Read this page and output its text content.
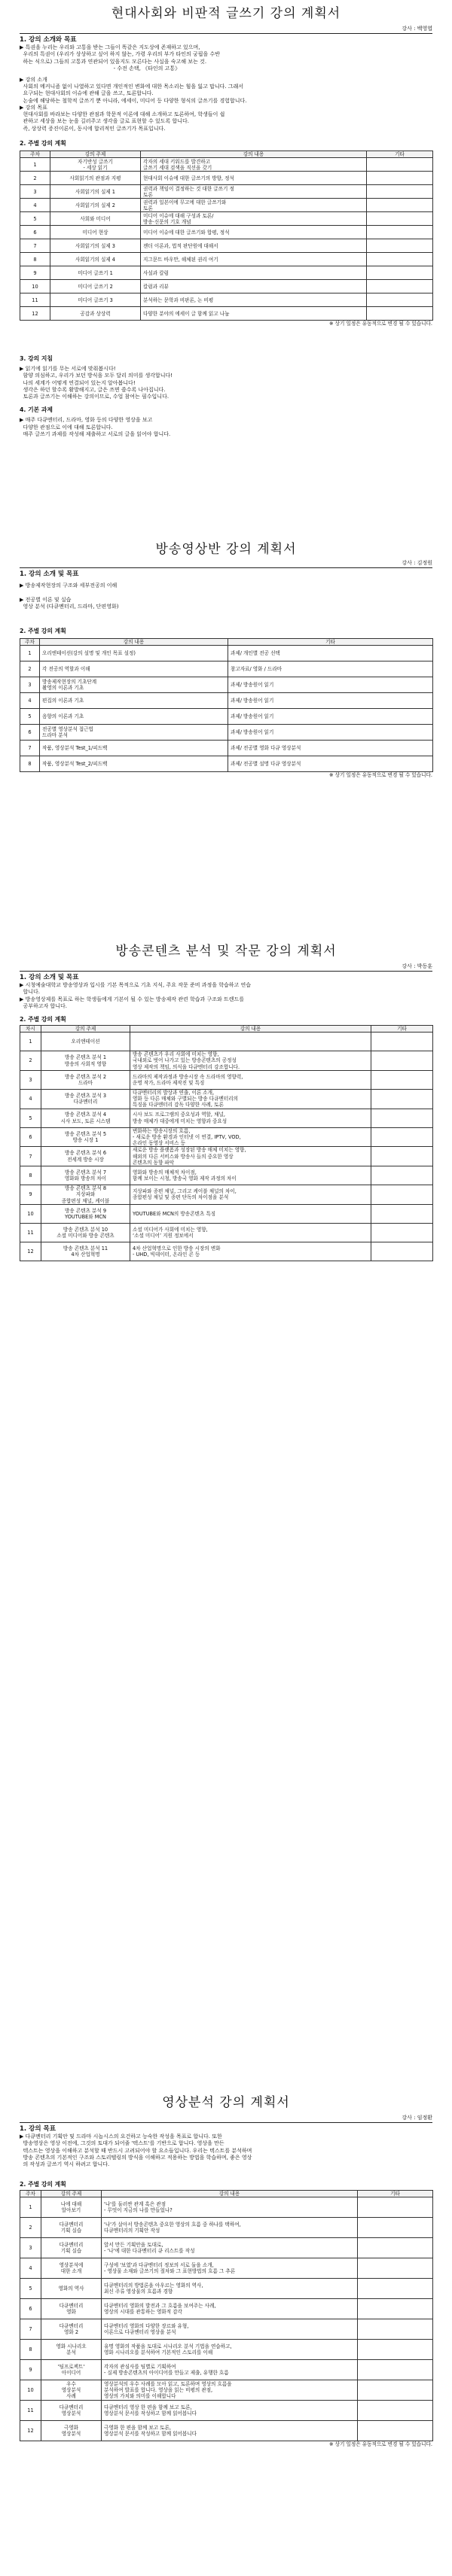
현대사회와 비판적 글쓰기 강의 계획서
강사 : 백영엽
1. 강의 소개와 목표
▶ 특권을 누리는 우리와 고통을 받는 그들이 똑같은 지도상에 존재하고 있으며,
우리의 특권이 (우리가 상상하고 싶어 하지 않는, 가령 우리의 부가 타인의 궁핍을 수반
하는 식으로) 그들의 고통과 연관되어 있을지도 모른다는 사실을 숙고해 보는 것.
- 수전 손택, 《타인의 고통》
▶ 강의 소개
사회의 메커니즘 없이 나열하고 있다면 개인적인 변화에 대한 목소리는 힘을 잃고 맙니다. 그래서
요구되는 현대사회의 이슈에 관해 글을 쓰고, 토론합니다.
논술에 해당하는 철학적 글쓰기 뿐 아니라, 에세이, 미디어 등 다양한 형식의 글쓰기를 경험합니다.
▶ 강의 목표
현대사회를 바라보는 다양한 관점과 학문적 이론에 대해 소개하고 토론하여, 학생들이 쉽
관하고 세상을 보는 눈을 길러주고 생각을 글로 표현할 수 있도록 합니다.
즉, 상상력 증진이론이, 동시에 합리적인 글쓰기가 목표입니다.
2. 주별 강의 계획
주차	강의 주제	강의 내용	기타
1	자기반성 글쓰기
- 세상 읽기	각자의 세대 키워드를 발견하고
글쓰기 세대 검색을 직선을 갖기	
2	사회읽기의 관점과 지평	현대사회 이슈에 대한 글쓰기의 방향, 정석	
3	사회읽기의 실제 1	권력과 책임이 결정하는 것 대한 글쓰기 정
토론	
4	사회읽기의 실제 2	권력과 일본이에 무고에 대한 글쓰기와
토론	
5	사회와 미디어	미디어 이슈에 대해 구성과 토론/
방송·신문의 기호 개념	
6	미디어 현상	미디어 이슈에 대한 글쓰기와 합평, 정석	
7	사회읽기의 실제 3	젠더 이론과, 법적 판단원에 대해서	
8	사회읽기의 실제 4	지그문트 바우만, 해체된 권리 여기	
9	미디어 글쓰기 1	사설과 칼럼	
10	미디어 글쓰기 2	칼럼과 리뷰	
11	미디어 글쓰기 3	분석하는 문학과 비판론, 논 비평	
12	공감과 상상력	다양한 분야의 에세이 글 함께 읽고 나눔	
※ 상기 일정은 유동적으로 변경 될 수 있습니다.
3. 강의 지침
▶ 읽기에 읽기를 무는 서로에 맞춰봅시다!
함양 의심하고, 우리가 보던 방식을 모두 달리 의미를 생각합니다!
나의 세계가 어떻게 연결되어 있는지 알아봅니다!
생각은 하던 할수록 활발해지고, 글은 쓰면 쓸수록 나아집니다.
토론과 글쓰기는 이해하는 강의이므로, 수업 참여는 필수입니다.
4. 기본 과제
▶ 매주 다큐멘터리, 드라마, 영화 등의 다양한 영상을 보고
다양한 관점으로 이에 대해 토론합니다.
매주 글쓰기 과제를 작성해 제출하고 서로의 글을 읽어야 합니다.
방송영상반 강의 계획서
강사 : 김정원
1. 강의 소개 및 목표
▶ 방송제작현장의 구조와 세부전공의 이해

▶ 전공별 이론 및 실습
영상 분석 (다큐멘터리, 드라마, 단편영화)
2. 주별 강의 계획
주차	강의 내용	기타
1	오리엔테이션(강의 설명 및 개인 목표 설정)	과제/ 개인별 전공 선택
2	각 전공의 역할과 이해	참고자료/ 영화 / 드라마
3	방송제작현장의 기초단계
촬영의 이론과 기초	과제/ 방송원어 읽기
4	편집의 이론과 기초	과제/ 방송원어 읽기
5	음향의 이론과 기초	과제/ 방송원어 읽기
6	전공별 영상분석 접근법
드라마 분석	과제/ 방송원어 읽기
7	작품, 영상분석 Test_1/피드백	과제/ 전공별 영화 다큐 영상분석
8	작품, 영상분석 Test_2/피드백	과제/ 전공별 설명 다큐 영상분석
※ 상기 일정은 유동적으로 변경 될 수 있습니다.
방송콘텐츠 분석 및 작문 강의 계획서
강사 : 박동훈
1. 강의 소개 및 목표
▶ 시청예술대학교 방송영상과 입시를 기본 목적으로 기초 지식, 주요 작문 준비 과정을 학습하고 연습
합니다.
▶ 방송영상제를 목표로 하는 학생들에게 기본이 될 수 있는 방송제작 관련 학습과 구조와 트렌드를
공부하고자 합니다.
2. 주별 강의 계획
차시	강의 주제	강의 내용	기타
1	오리엔테이션		
2	방송 콘텐츠 분석 1
방송의 사회적 영향	방송 콘텐츠가 우리 사회에 미치는 영향,
국내외로 벗어 나가고 있는 방송콘텐츠의 공정성
영상 제작의 책임, 의식을 다큐멘터리 강조합니다.	
3	방송 콘텐츠 분석 2
드라마	드라마의 제작과정과 방송시장 속 드라마의 영향력,
운명 작가, 드라마 제작진 및 특징	
4	방송 콘텐츠 분석 3
다큐멘터리	다큐멘터리의 발상과 연출, 이론 소개,
영화 등 다른 매체와 구별되는 방송 다큐멘터리의
특징을 다큐멘터리 감독 다양한 사례, 토론	
5	방송 콘텐츠 분석 4
시사 보도, 토론 시스템	시사 보도 프로그램의 중요성과 역할, 채널,
방송 매체가 대중에게 미치는 영향과 중요성	
6	방송 콘텐츠 분석 5
방송 시장 1	변화하는 방송시장의 흐름,
- 새로운 방송 환경과 인터넷 이 연결, IPTV, VOD,
온라인 동영상 서비스 등	
7	방송 콘텐츠 분석 6
전세계 방송 시장	새로운 방송 플랫폼과 성장된 방송 매체 미치는 영향,
해외의 다른 서비스와 방송사 들의 중요한 영상
콘텐츠의 동향 파악	
8	방송 콘텐츠 분석 7
영화와 방송의 차이	영화와 방송의 매체적 차이점,
함께 보이는 시청, 방송국 영화 제작 과정의 차이	
9	방송 콘텐츠 분석 8
지상파와
종합편성 채널, 케이블	지상파와 종편 채널, 그리고 케이블 채널의 차이,
종합편성 채널 및 종편 단독의 차이점을 분석	
10	방송 콘텐츠 분석 9
YOUTUBE와 MCN	YOUTUBE와 MCN의 방송콘텐츠 특징	
11	방송 콘텐츠 분석 10
소셜 미디어와 방송 콘텐츠	소셜 미디어가 사회에 미치는 영향,
‘소셜 미디어’ 지원 정보에서	
12	방송 콘텐츠 분석 11
4차 산업혁명	4차 산업혁명으로 인한 방송 시장의 변화
- UHD, 빅데이터, 온라인 콘 등	
영상분석 강의 계획서
강사 : 임정환
1. 강의 목표
▶ 다큐멘터리 기획안 및 드라마 시놉시스의 요건하고 능숙한 작성을 목표로 합니다. 또한
방송영상은 영상 이전에, 그것의 토대가 되어줄 '텍스트'를 기반으로 합니다. 영상을 만든
텍스트는 영상을 이해하고 분석할 때 반드시 고려되어야 할 요소들입니다. 우리는 텍스트를 분석하며
방송 콘텐츠의 기본적인 구조와 스토리텔링의 방식을 이해하고 적용하는 방법을 학습하며, 좋은 영상
의 작성과 글쓰기 역시 하려고 합니다.
2. 주별 강의 계획
주차	강의 주제	강의 내용	기타
1	나에 대해
알아보기	'나'를 둘러싼 관계 혹은 관점
- 무엇이 지금의 나를 만들었나?	
2	다큐멘터리
기획 실습	'나'가 살아서 방송콘텐츠 중요한 영상의 흐름 중 하나를 택하여,
다큐멘터리의 기획안 작성	
3	다큐멘터리
기획 실습	앞서 만든 기획안을 토대로,
- '나'에 대한 다큐멘터리 큐 리스트를 작성	
4	영상분석에
대한 소개	구성에 '보였'과 다큐멘터리 정보의 서로 둘을 소개,
- 영상물 소재와 글쓰기의 절차와 그 표현방법의 흐름 그 추론	
5	영화의 역사	다큐멘터리의 방법론을 아우르는 영화의 역사,
최신 주류 영상물의 흐름과 경향	
6	다큐멘터리
영화	다큐멘터리 영화의 발전과 그 흐름을 보여주는 사례,
영상의 시대를 관통하는 영화적 감각	
7	다큐멘터리
영화 2	다큐멘터리 영화의 다양한 장르와 유형,
이론으로 다큐멘터리 영상을 분석	
8	영화 시나리오
분석	유명 영화의 작품을 토대로 시나리오 분석 기법을 연습하고,
영화 시나리오를 분석하여 기본적인 스토리를 이해	
9	'팀프로젝트'
아이디어	각자의 관심사를 팀별로 기획하여
- 실제 방송콘텐츠의 아이디어를 만들고 제출, 유행한 흐름	
10	우수
영상분석
사례	영상분석의 우수 사례를 모아 읽고, 토론하며 영상의 흐름을
분석하여 발표를 합니다. 영상을 읽는 비평의 관점,
영상의 가치와 의미를 이해합니다	
11	다큐멘터리
영상분석	다큐멘터리 영상 한 편을 함께 보고 토론,
영상분석 문서를 작성하고 함께 읽어봅니다	
12	극영화
영상분석	극영화 한 편을 함께 보고 토론,
영상분석 문서를 작성하고 함께 읽어봅니다	
※ 상기 일정은 유동적으로 변경 될 수 있습니다.
